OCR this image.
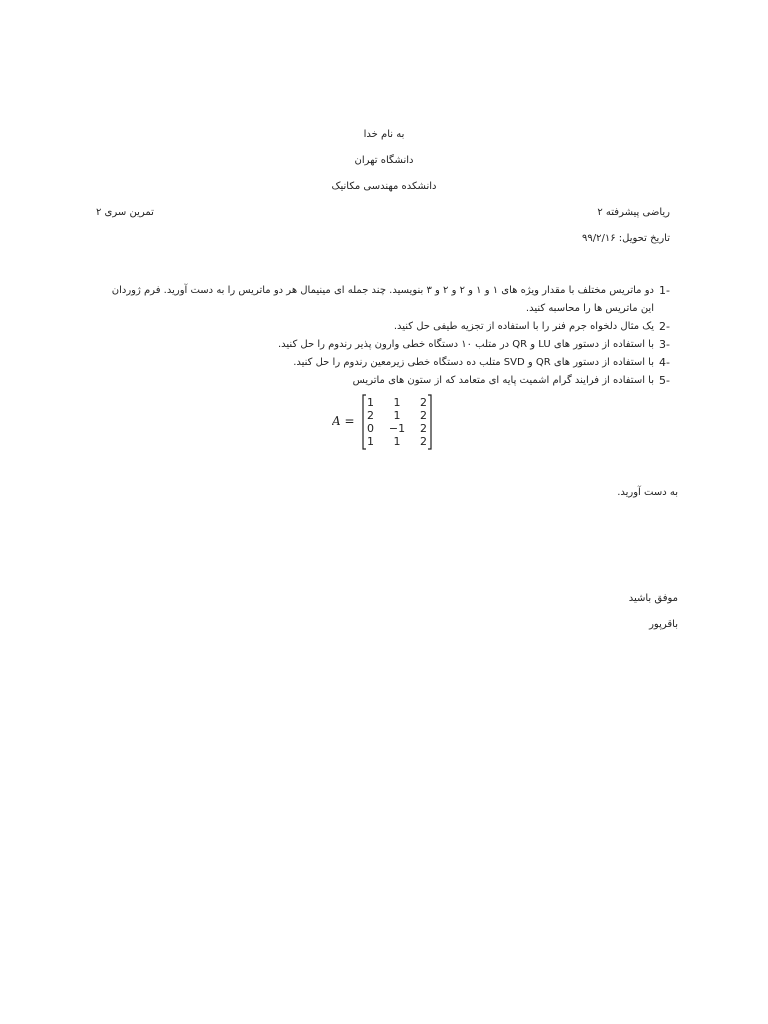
به نام خدا
دانشگاه تهران
دانشکده مهندسی مکانیک
ریاضی پیشرفته ۲
تمرین سری ۲
تاریخ تحویل: ۹۹/۲/۱۶
1-
دو ماتریس مختلف با مقدار ویژه های ۱ و ۱ و ۲ و ۲ و ۳ بنویسید. چند جمله ای مینیمال هر دو ماتریس را به دست آورید. فرم ژوردان این ماتریس ها را محاسبه کنید.
2-
یک مثال دلخواه جرم فنر را با استفاده از تجزیه طیفی حل کنید.
3-
با استفاده از دستور های LU و QR در متلب ۱۰ دستگاه خطی وارون پذیر رندوم را حل کنید.
4-
با استفاده از دستور های QR و SVD متلب ده دستگاه خطی زیرمعین رندوم را حل کنید.
5-
با استفاده از فرایند گرام اشمیت پایه ای متعامد که از ستون های ماتریس
A =
1 1 2
2 1 2
0 −1 2
1 1 2
به دست آورید.
موفق باشید
باقرپور
